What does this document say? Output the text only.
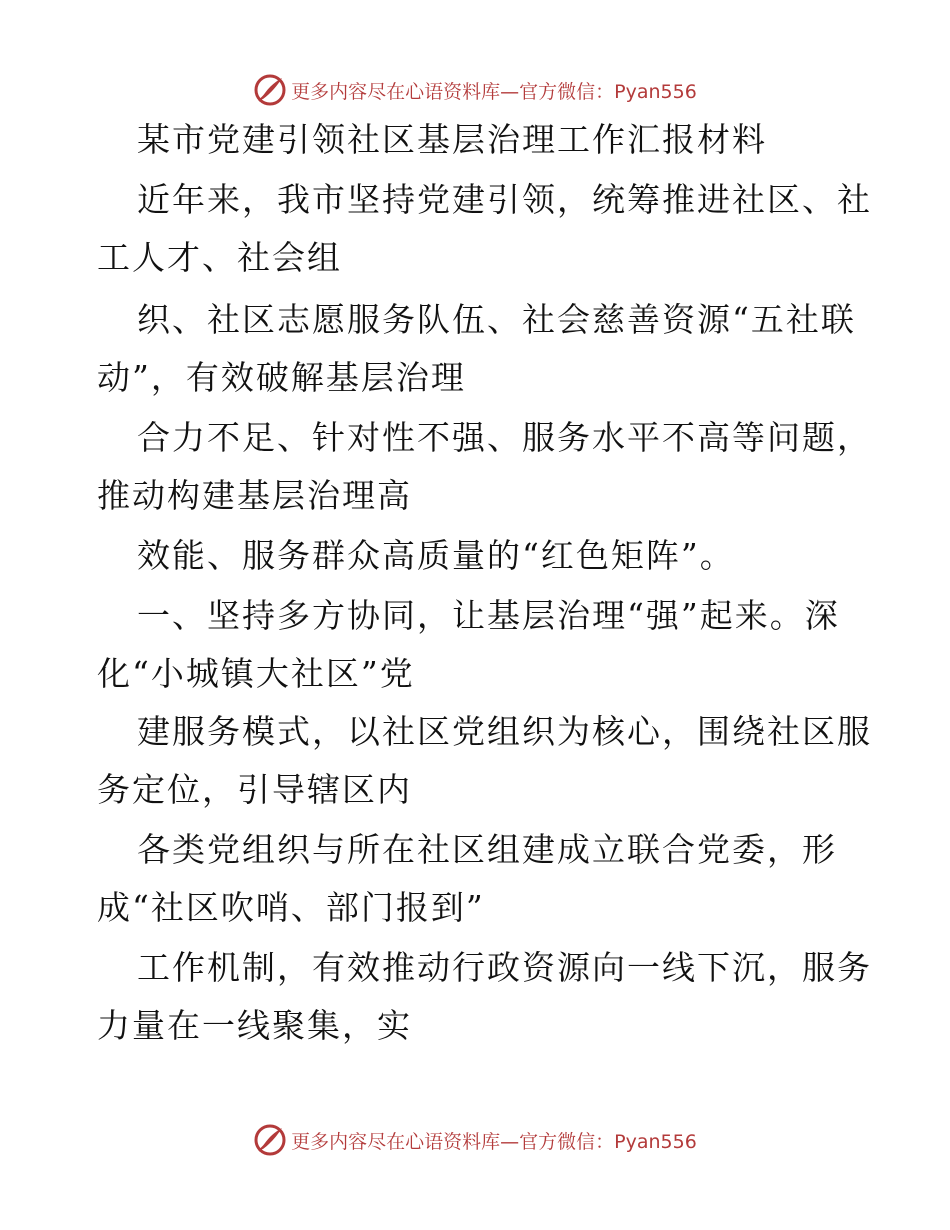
更多内容尽在心语资料库—官方微信：Pyan556
某市党建引领社区基层治理工作汇报材料
近年来，我市坚持党建引领，统筹推进社区、社
工人才、社会组
织、社区志愿服务队伍、社会慈善资源“五社联
动”，有效破解基层治理
合力不足、针对性不强、服务水平不高等问题，
推动构建基层治理高
效能、服务群众高质量的“红色矩阵”。
一、坚持多方协同，让基层治理“强”起来。深
化“小城镇大社区”党
建服务模式，以社区党组织为核心，围绕社区服
务定位，引导辖区内
各类党组织与所在社区组建成立联合党委，形
成“社区吹哨、部门报到”
工作机制，有效推动行政资源向一线下沉，服务
力量在一线聚集，实
更多内容尽在心语资料库—官方微信：Pyan556
